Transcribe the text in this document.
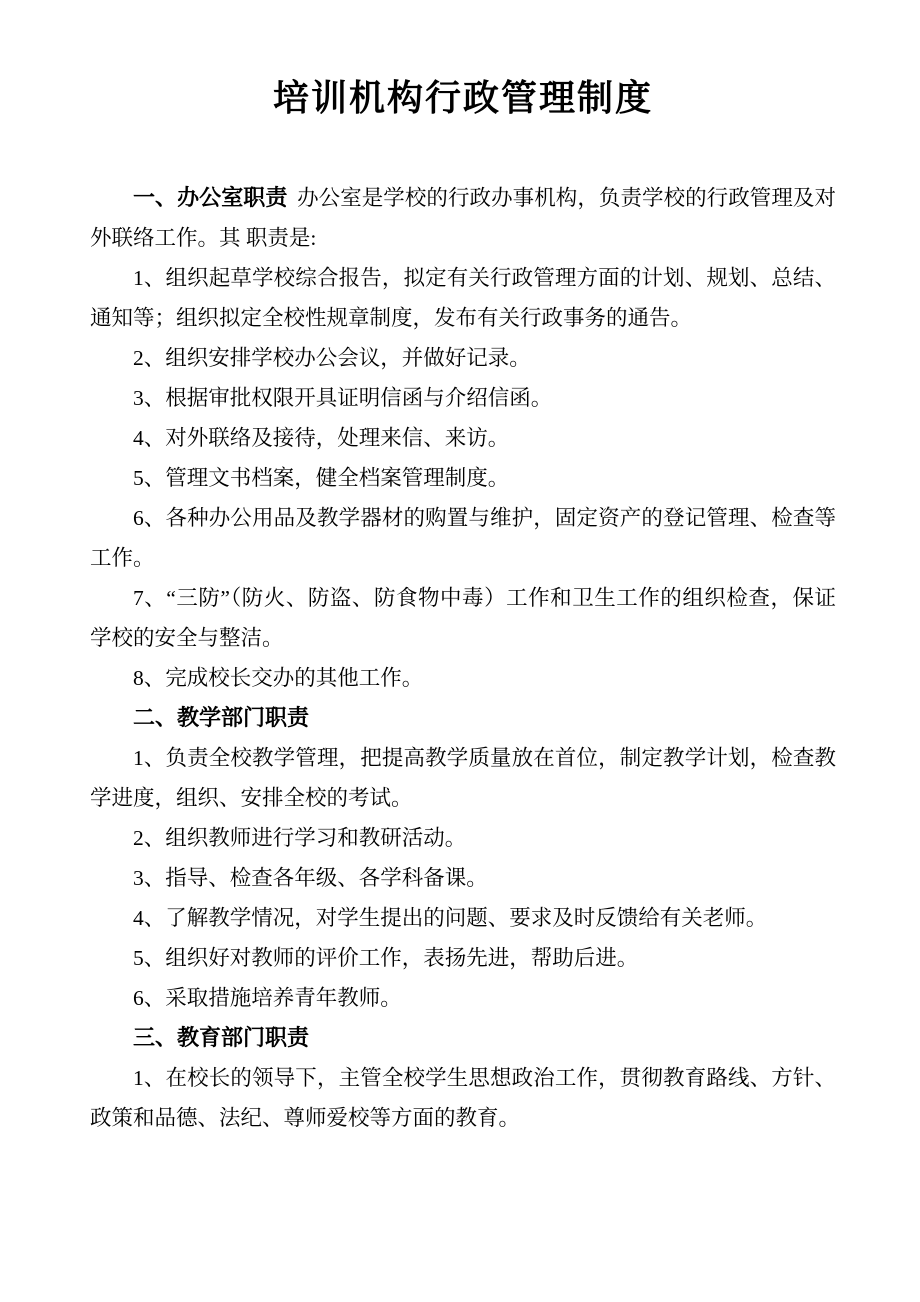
培训机构行政管理制度

一、办公室职责 办公室是学校的行政办事机构，负责学校的行政管理及对外联络工作。其 职责是:

1、组织起草学校综合报告，拟定有关行政管理方面的计划、规划、总结、通知等；组织拟定全校性规章制度，发布有关行政事务的通告。

2、组织安排学校办公会议，并做好记录。

3、根据审批权限开具证明信函与介绍信函。

4、对外联络及接待，处理来信、来访。

5、管理文书档案，健全档案管理制度。

6、各种办公用品及教学器材的购置与维护，固定资产的登记管理、检查等工作。

7、“三防”（防火、防盗、防食物中毒）工作和卫生工作的组织检查，保证学校的安全与整洁。

8、完成校长交办的其他工作。

二、教学部门职责

1、负责全校教学管理，把提高教学质量放在首位，制定教学计划，检查教学进度，组织、安排全校的考试。

2、组织教师进行学习和教研活动。

3、指导、检查各年级、各学科备课。

4、了解教学情况，对学生提出的问题、要求及时反馈给有关老师。

5、组织好对教师的评价工作，表扬先进，帮助后进。

6、采取措施培养青年教师。

三、教育部门职责

1、在校长的领导下，主管全校学生思想政治工作，贯彻教育路线、方针、政策和品德、法纪、尊师爱校等方面的教育。
